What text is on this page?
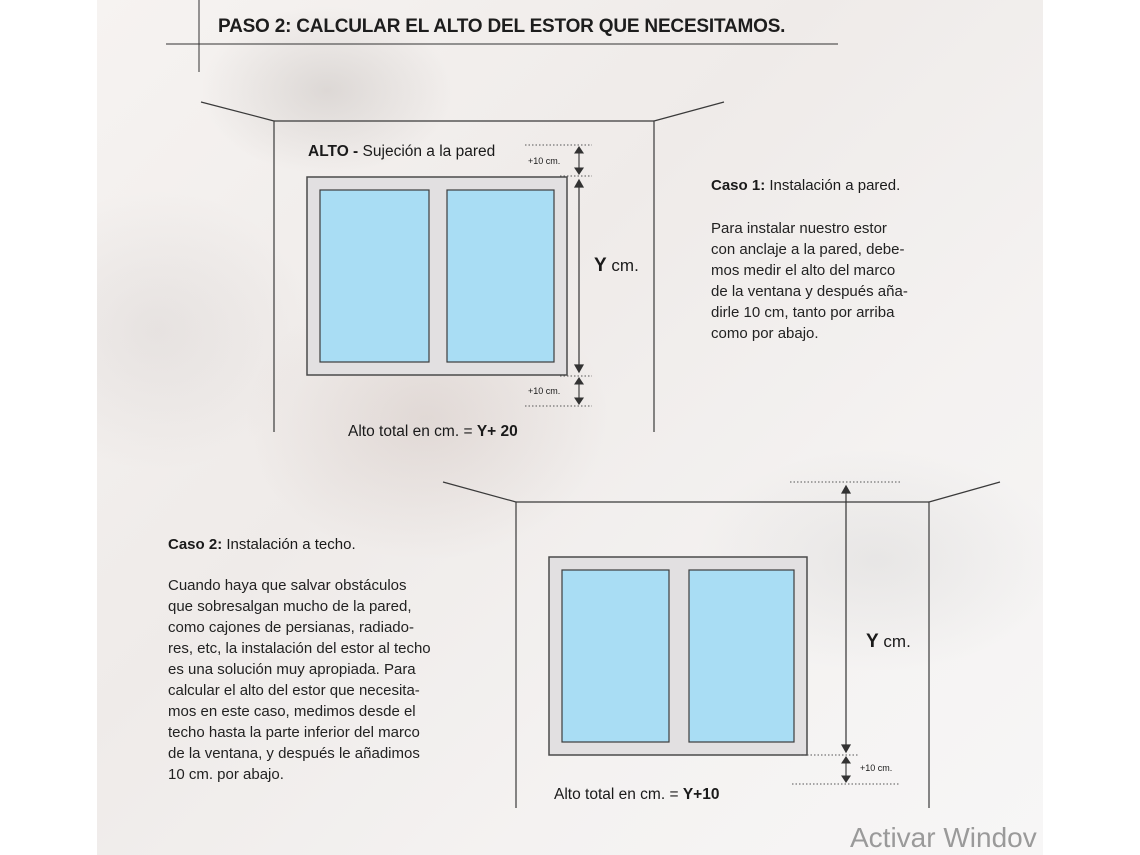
PASO 2: CALCULAR EL ALTO DEL ESTOR QUE NECESITAMOS.
ALTO - Sujeción a la pared
+10 cm.
+10 cm.
Y cm.
Alto total en cm. = Y+ 20
Caso 1: Instalación a pared.
Para instalar nuestro estor
con anclaje a la pared, debe-
mos medir el alto del marco
de la ventana y después aña-
dirle 10 cm, tanto por arriba
como por abajo.
Caso 2: Instalación a techo.
Cuando haya que salvar obstáculos
que sobresalgan mucho de la pared,
como cajones de persianas, radiado-
res, etc, la instalación del estor al techo
es una solución muy apropiada. Para
calcular el alto del estor que necesita-
mos en este caso, medimos desde el
techo hasta la parte inferior del marco
de la ventana, y después le añadimos
10 cm. por abajo.
Y cm.
+10 cm.
Alto total en cm. = Y+10
Activar Windov
